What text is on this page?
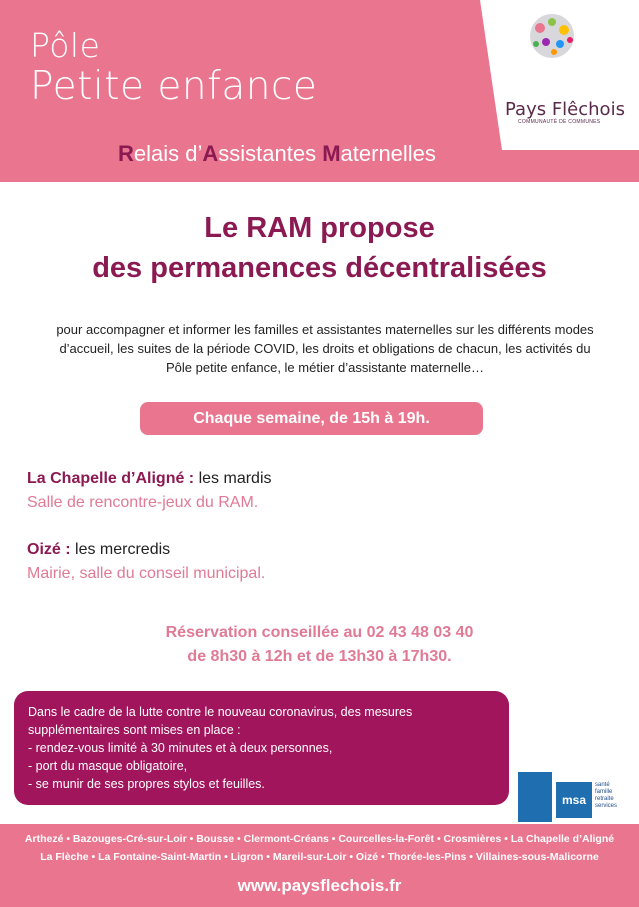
Pôle
Petite enfance
Pays Flêchois
COMMUNAUTÉ DE COMMUNES
Relais d’Assistantes Maternelles
Le RAM propose
des permanences décentralisées
pour accompagner et informer les familles et assistantes maternelles sur les différents modes d’accueil, les suites de la période COVID, les droits et obligations de chacun, les activités du Pôle petite enfance, le métier d’assistante maternelle…
Chaque semaine, de 15h à 19h.
La Chapelle d’Aligné : les mardis
Salle de rencontre-jeux du RAM.
Oizé : les mercredis
Mairie, salle du conseil municipal.
Réservation conseillée au 02 43 48 03 40
de 8h30 à 12h et de 13h30 à 17h30.
Dans le cadre de la lutte contre le nouveau coronavirus, des mesures supplémentaires sont mises en place :
- rendez-vous limité à 30 minutes et à deux personnes,
- port du masque obligatoire,
- se munir de ses propres stylos et feuilles.
msa
santé
famille
retraite
services
Arthezé • Bazouges-Cré-sur-Loir • Bousse • Clermont-Créans • Courcelles-la-Forêt • Crosmières • La Chapelle d’Aligné
La Flèche • La Fontaine-Saint-Martin • Ligron • Mareil-sur-Loir • Oizé • Thorée-les-Pins • Villaines-sous-Malicorne
www.paysflechois.fr
